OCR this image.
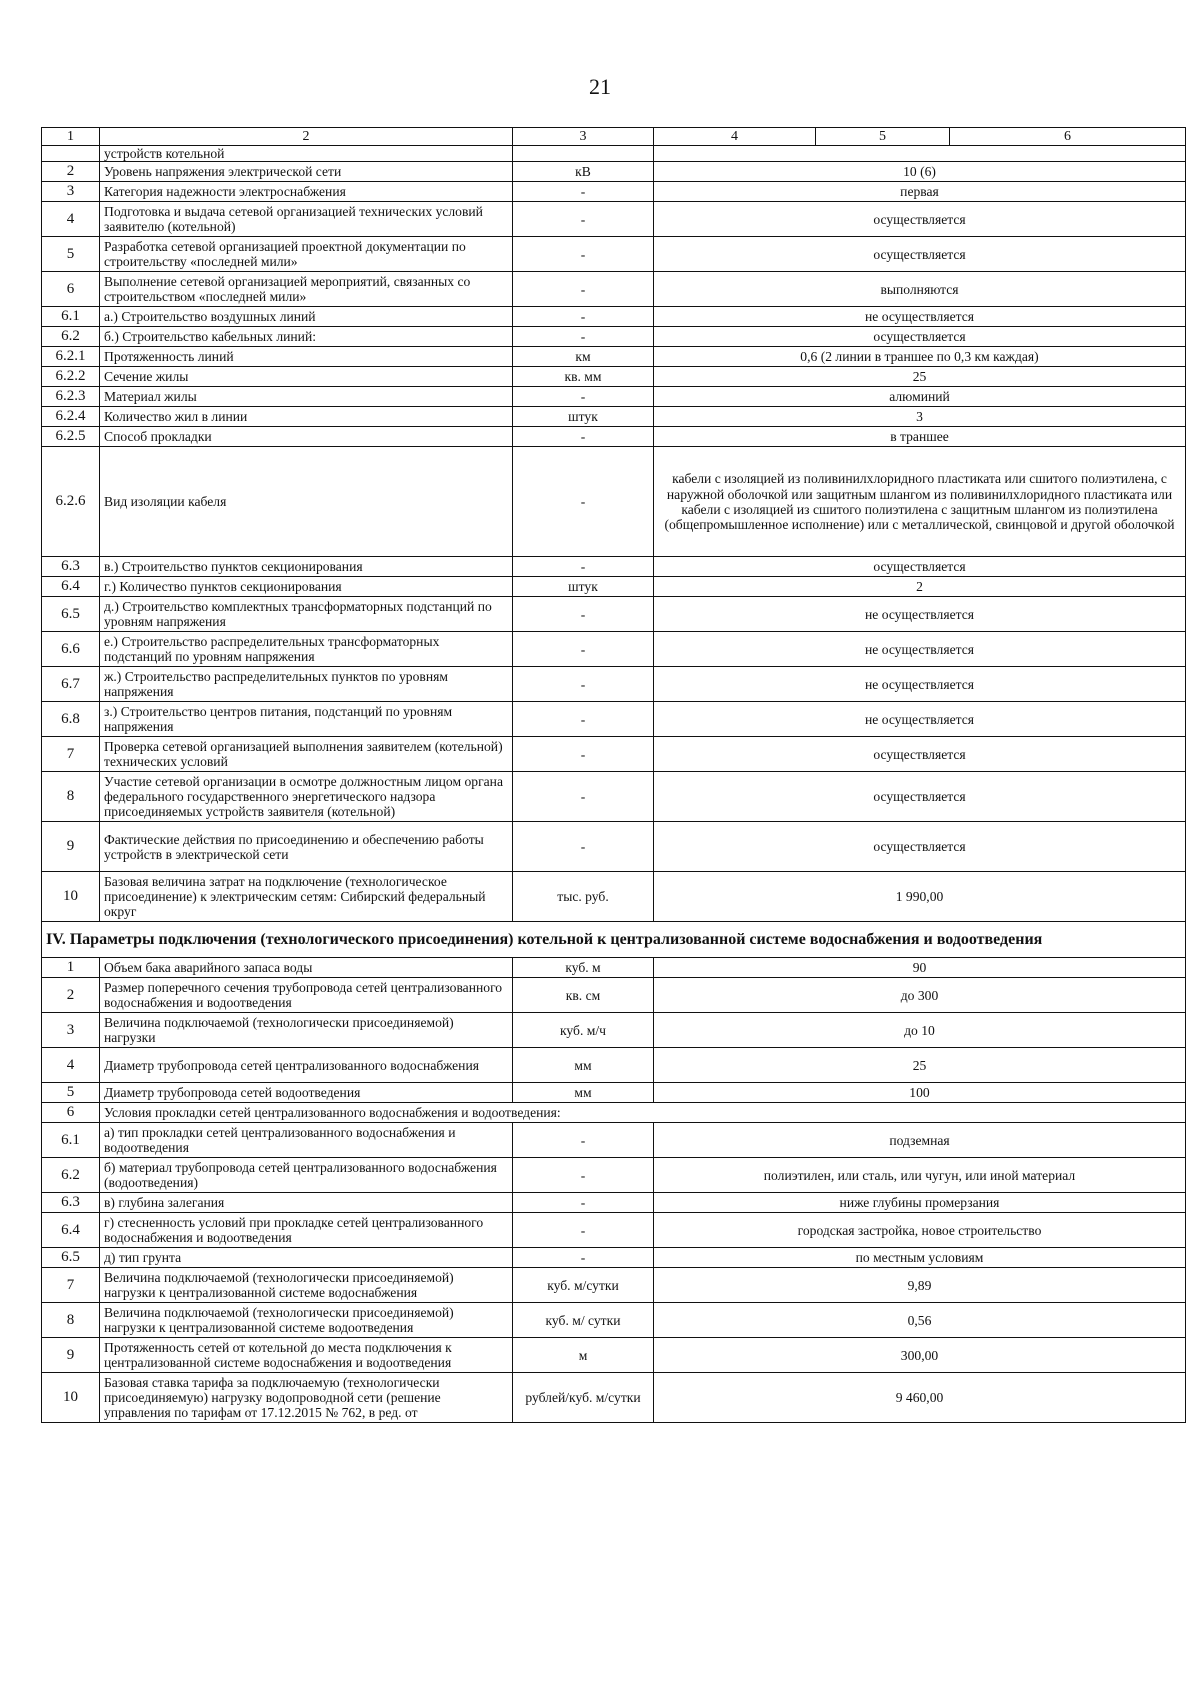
21
1	2	3	4	5	6
	устройств котельной				
2	Уровень напряжения электрической сети	кВ	10 (6)		
3	Категория надежности электроснабжения	-	первая		
4	Подготовка и выдача сетевой организацией технических условий заявителю (котельной)	-	осуществляется		
5	Разработка сетевой организацией проектной документации по строительству «последней мили»	-	осуществляется		
6	Выполнение сетевой организацией мероприятий, связанных со строительством «последней мили»	-	выполняются		
6.1	а.) Строительство воздушных линий	-	не осуществляется		
6.2	б.) Строительство кабельных линий:	-	осуществляется		
6.2.1	Протяженность линий	км	0,6 (2 линии в траншее по 0,3 км каждая)		
6.2.2	Сечение жилы	кв. мм	25		
6.2.3	Материал жилы	-	алюминий		
6.2.4	Количество жил в линии	штук	3		
6.2.5	Способ прокладки	-	в траншее		
6.2.6	Вид изоляции кабеля	-	кабели с изоляцией из поливинилхлоридного пластиката или сшитого полиэтилена, с наружной оболочкой или защитным шлангом из поливинилхлоридного пластиката или кабели с изоляцией из сшитого полиэтилена с защитным шлангом из полиэтилена (общепромышленное исполнение) или с металлической, свинцовой и другой оболочкой		
6.3	в.) Строительство пунктов секционирования	-	осуществляется		
6.4	г.) Количество пунктов секционирования	штук	2		
6.5	д.) Строительство комплектных трансформаторных подстанций по уровням напряжения	-	не осуществляется		
6.6	е.) Строительство распределительных трансформаторных подстанций по уровням напряжения	-	не осуществляется		
6.7	ж.) Строительство распределительных пунктов по уровням напряжения	-	не осуществляется		
6.8	з.) Строительство центров питания, подстанций по уровням напряжения	-	не осуществляется		
7	Проверка сетевой организацией выполнения заявителем (котельной) технических условий	-	осуществляется		
8	Участие сетевой организации в осмотре должностным лицом органа федерального государственного энергетического надзора присоединяемых устройств заявителя (котельной)	-	осуществляется		
9	Фактические действия по присоединению и обеспечению работы устройств в электрической сети	-	осуществляется		
10	Базовая величина затрат на подключение (технологическое присоединение) к электрическим сетям: Сибирский федеральный округ	тыс. руб.	1 990,00		
IV. Параметры подключения (технологического присоединения) котельной к централизованной системе водоснабжения и водоотведения					
1	Объем бака аварийного запаса воды	куб. м	90		
2	Размер поперечного сечения трубопровода сетей централизованного водоснабжения и водоотведения	кв. см	до 300		
3	Величина подключаемой (технологически присоединяемой) нагрузки	куб. м/ч	до 10		
4	Диаметр трубопровода сетей централизованного водоснабжения	мм	25		
5	Диаметр трубопровода сетей водоотведения	мм	100		
6	Условия прокладки сетей централизованного водоснабжения и водоотведения:				
6.1	а) тип прокладки сетей централизованного водоснабжения и водоотведения	-	подземная		
6.2	б) материал трубопровода сетей централизованного водоснабжения (водоотведения)	-	полиэтилен, или сталь, или чугун, или иной материал		
6.3	в) глубина залегания	-	ниже глубины промерзания		
6.4	г) стесненность условий при прокладке сетей централизованного водоснабжения и водоотведения	-	городская застройка, новое строительство		
6.5	д) тип грунта	-	по местным условиям		
7	Величина подключаемой (технологически присоединяемой) нагрузки к централизованной системе водоснабжения	куб. м/сутки	9,89		
8	Величина подключаемой (технологически присоединяемой) нагрузки к централизованной системе водоотведения	куб. м/ сутки	0,56		
9	Протяженность сетей от котельной до места подключения к централизованной системе водоснабжения и водоотведения	м	300,00		
10	Базовая ставка тарифа за подключаемую (технологически присоединяемую) нагрузку водопроводной сети (решение управления по тарифам от 17.12.2015 № 762, в ред. от	рублей/куб. м/сутки	9 460,00		
